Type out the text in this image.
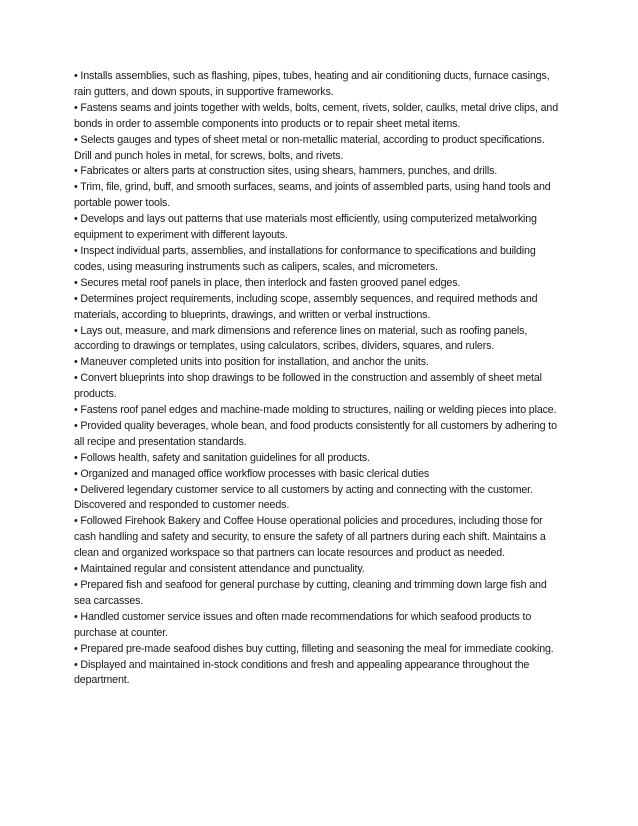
• Installs assemblies, such as flashing, pipes, tubes, heating and air conditioning ducts, furnace casings, rain gutters, and down spouts, in supportive frameworks.

• Fastens seams and joints together with welds, bolts, cement, rivets, solder, caulks, metal drive clips, and bonds in order to assemble components into products or to repair sheet metal items.

• Selects gauges and types of sheet metal or non-metallic material, according to product specifications. Drill and punch holes in metal, for screws, bolts, and rivets.

• Fabricates or alters parts at construction sites, using shears, hammers, punches, and drills.

• Trim, file, grind, buff, and smooth surfaces, seams, and joints of assembled parts, using hand tools and portable power tools.

• Develops and lays out patterns that use materials most efficiently, using computerized metalworking equipment to experiment with different layouts.

• Inspect individual parts, assemblies, and installations for conformance to specifications and building codes, using measuring instruments such as calipers, scales, and micrometers.

• Secures metal roof panels in place, then interlock and fasten grooved panel edges.

• Determines project requirements, including scope, assembly sequences, and required methods and materials, according to blueprints, drawings, and written or verbal instructions.

• Lays out, measure, and mark dimensions and reference lines on material, such as roofing panels, according to drawings or templates, using calculators, scribes, dividers, squares, and rulers.

• Maneuver completed units into position for installation, and anchor the units.

• Convert blueprints into shop drawings to be followed in the construction and assembly of sheet metal products.

• Fastens roof panel edges and machine-made molding to structures, nailing or welding pieces into place.

• Provided quality beverages, whole bean, and food products consistently for all customers by adhering to all recipe and presentation standards.

• Follows health, safety and sanitation guidelines for all products.

• Organized and managed office workflow processes with basic clerical duties

• Delivered legendary customer service to all customers by acting and connecting with the customer. Discovered and responded to customer needs.

• Followed Firehook Bakery and Coffee House operational policies and procedures, including those for cash handling and safety and security, to ensure the safety of all partners during each shift. Maintains a clean and organized workspace so that partners can locate resources and product as needed.

• Maintained regular and consistent attendance and punctuality.

• Prepared fish and seafood for general purchase by cutting, cleaning and trimming down large fish and sea carcasses.

• Handled customer service issues and often made recommendations for which seafood products to purchase at counter.

• Prepared pre-made seafood dishes buy cutting, filleting and seasoning the meal for immediate cooking.

• Displayed and maintained in-stock conditions and fresh and appealing appearance throughout the department.
